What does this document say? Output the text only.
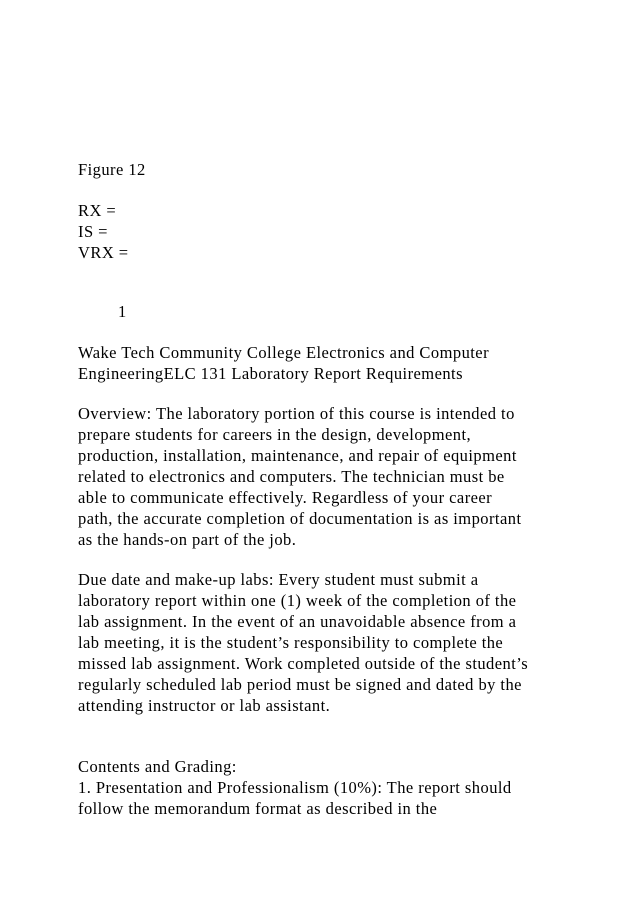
Figure 12
RX =
IS =
VRX =
1
Wake Tech Community College Electronics and Computer
EngineeringELC 131 Laboratory Report Requirements
Overview: The laboratory portion of this course is intended to
prepare students for careers in the design, development,
production, installation, maintenance, and repair of equipment
related to electronics and computers. The technician must be
able to communicate effectively. Regardless of your career
path, the accurate completion of documentation is as important
as the hands-on part of the job.
Due date and make-up labs: Every student must submit a
laboratory report within one (1) week of the completion of the
lab assignment. In the event of an unavoidable absence from a
lab meeting, it is the student’s responsibility to complete the
missed lab assignment. Work completed outside of the student’s
regularly scheduled lab period must be signed and dated by the
attending instructor or lab assistant.
Contents and Grading:
1. Presentation and Professionalism (10%): The report should
follow the memorandum format as described in the
